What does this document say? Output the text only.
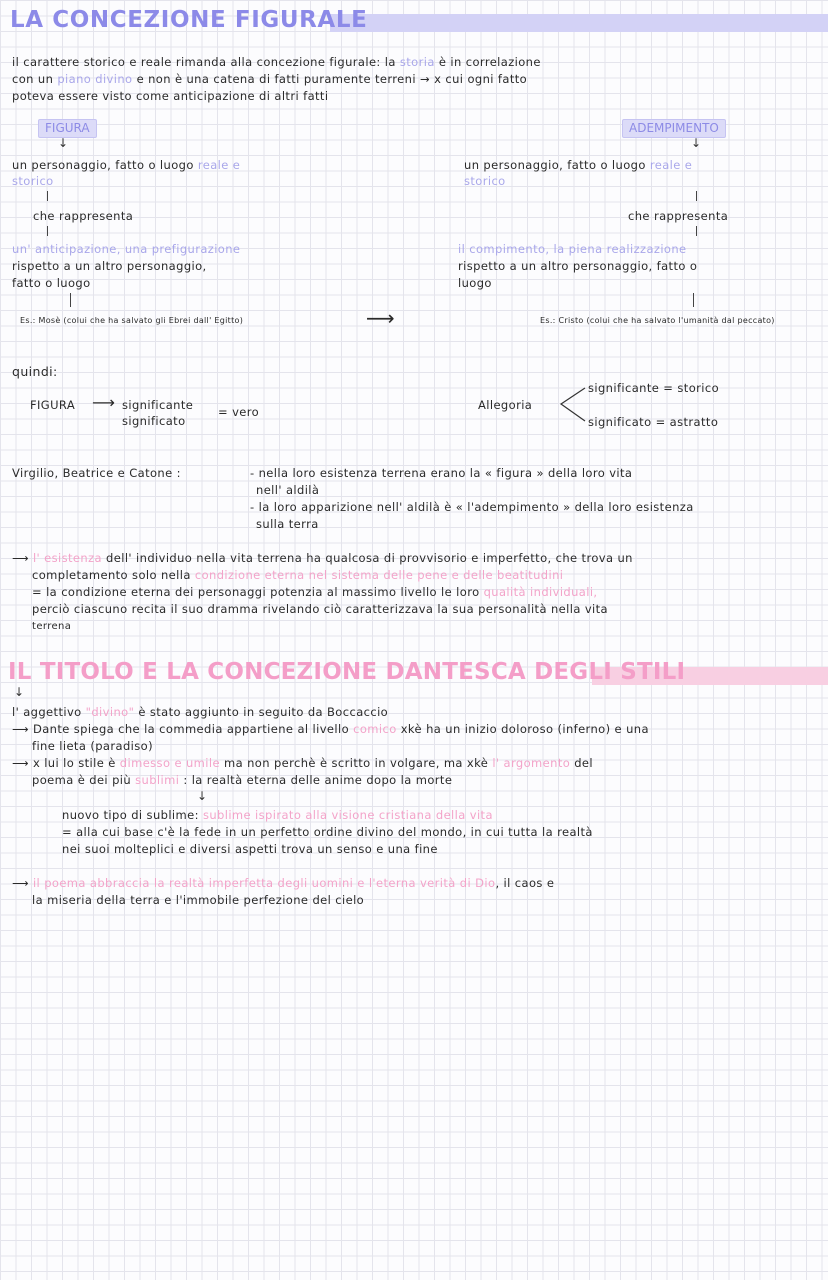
LA CONCEZIONE FIGURALE
il carattere storico e reale rimanda alla concezione figurale: la storia è in correlazione
con un piano divino e non è una catena di fatti puramente terreni → x cui ogni fatto
poteva essere visto come anticipazione di altri fatti
FIGURA
↓
un personaggio, fatto o luogo reale e
storico
che rappresenta
un' anticipazione, una prefigurazione
rispetto a un altro personaggio,
fatto o luogo
Es.: Mosè (colui che ha salvato gli Ebrei dall' Egitto)	⟶
ADEMPIMENTO
↓
un personaggio, fatto o luogo reale e
storico
che rappresenta
il compimento, la piena realizzazione
rispetto a un altro personaggio, fatto o
luogo
Es.: Cristo (colui che ha salvato l'umanità dal peccato)
quindi:
FIGURA ⟶ significante
significato
= vero	Allegoria
significante = storico
significato = astratto
Virgilio, Beatrice e Catone :	- nella loro esistenza terrena erano la « figura » della loro vita
nell' aldilà
- la loro apparizione nell' aldilà è « l'adempimento » della loro esistenza
sulla terra
⟶ l' esistenza dell' individuo nella vita terrena ha qualcosa di provvisorio e imperfetto, che trova un
completamento solo nella condizione eterna nel sistema delle pene e delle beatitudini
= la condizione eterna dei personaggi potenzia al massimo livello le loro qualità individuali,
perciò ciascuno recita il suo dramma rivelando ciò caratterizzava la sua personalità nella vita
terrena
IL TITOLO E LA CONCEZIONE DANTESCA DEGLI STILI
↓
l' aggettivo "divino" è stato aggiunto in seguito da Boccaccio
⟶ Dante spiega che la commedia appartiene al livello comico xkè ha un inizio doloroso (inferno) e una
fine lieta (paradiso)
⟶ x lui lo stile è dimesso e umile ma non perchè è scritto in volgare, ma xkè l' argomento del
poema è dei più sublimi : la realtà eterna delle anime dopo la morte
↓
nuovo tipo di sublime: sublime ispirato alla visione cristiana della vita
= alla cui base c'è la fede in un perfetto ordine divino del mondo, in cui tutta la realtà
nei suoi molteplici e diversi aspetti trova un senso e una fine
⟶ il poema abbraccia la realtà imperfetta degli uomini e l'eterna verità di Dio, il caos e
la miseria della terra e l'immobile perfezione del cielo
